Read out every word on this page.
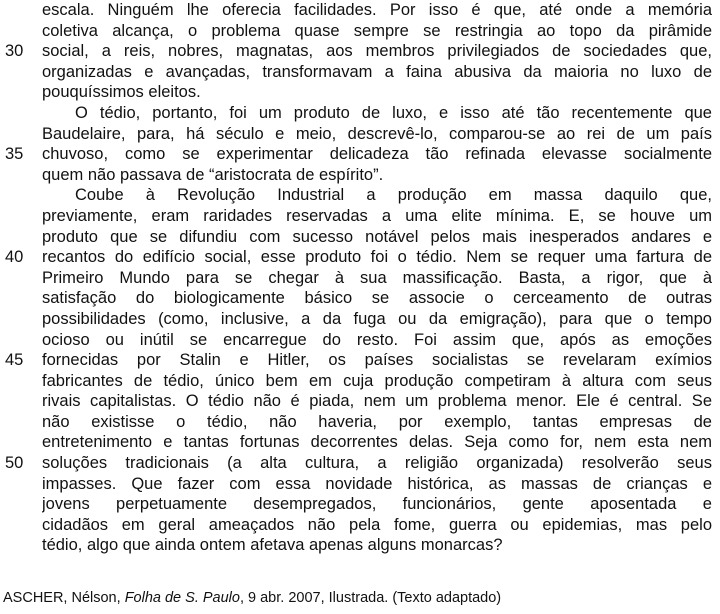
escala. Ninguém lhe oferecia facilidades. Por isso é que, até onde a memória
coletiva alcança, o problema quase sempre se restringia ao topo da pirâmide
30	social, a reis, nobres, magnatas, aos membros privilegiados de sociedades que,
organizadas e avançadas, transformavam a faina abusiva da maioria no luxo de
pouquíssimos eleitos.
O tédio, portanto, foi um produto de luxo, e isso até tão recentemente que
Baudelaire, para, há século e meio, descrevê-lo, comparou-se ao rei de um país
35	chuvoso, como se experimentar delicadeza tão refinada elevasse socialmente
quem não passava de “aristocrata de espírito”.
Coube à Revolução Industrial a produção em massa daquilo que,
previamente, eram raridades reservadas a uma elite mínima. E, se houve um
produto que se difundiu com sucesso notável pelos mais inesperados andares e
40	recantos do edifício social, esse produto foi o tédio. Nem se requer uma fartura de
Primeiro Mundo para se chegar à sua massificação. Basta, a rigor, que à
satisfação do biologicamente básico se associe o cerceamento de outras
possibilidades (como, inclusive, a da fuga ou da emigração), para que o tempo
ocioso ou inútil se encarregue do resto. Foi assim que, após as emoções
45	fornecidas por Stalin e Hitler, os países socialistas se revelaram exímios
fabricantes de tédio, único bem em cuja produção competiram à altura com seus
rivais capitalistas. O tédio não é piada, nem um problema menor. Ele é central. Se
não existisse o tédio, não haveria, por exemplo, tantas empresas de
entretenimento e tantas fortunas decorrentes delas. Seja como for, nem esta nem
50	soluções tradicionais (a alta cultura, a religião organizada) resolverão seus
impasses. Que fazer com essa novidade histórica, as massas de crianças e
jovens perpetuamente desempregados, funcionários, gente aposentada e
cidadãos em geral ameaçados não pela fome, guerra ou epidemias, mas pelo
tédio, algo que ainda ontem afetava apenas alguns monarcas?
ASCHER, Nélson, Folha de S. Paulo, 9 abr. 2007, Ilustrada. (Texto adaptado)
